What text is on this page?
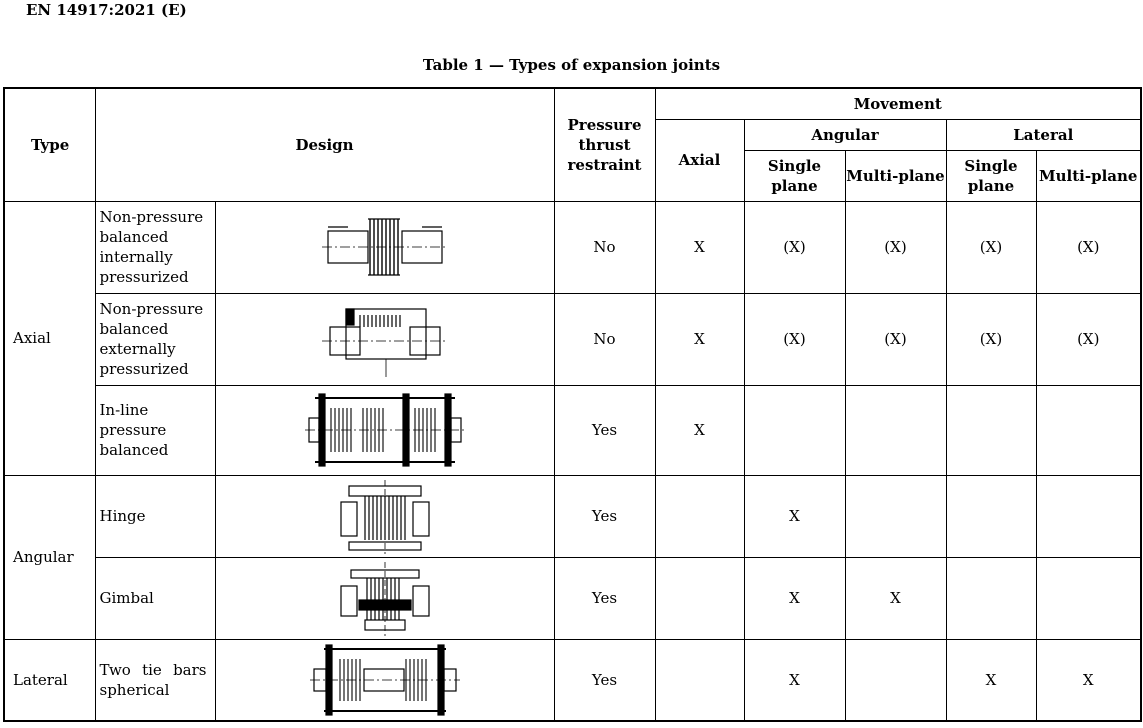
EN 14917:2021 (E)
Table 1 — Types of expansion joints
Type	Design		Pressure thrust restraint	Movement				
				Axial	Angular		Lateral	
					Single plane	Multi-plane	Single plane	Multi-plane
Axial	Non-pressure balanced internally pressurized		No	X	(X)	(X)	(X)	(X)
	Non-pressure balanced externally pressurized		No	X	(X)	(X)	(X)	(X)
	In-line pressure balanced		Yes	X				
Angular	Hinge		Yes		X			
	Gimbal		Yes		X	X		
Lateral	Two tie bars spherical		Yes		X		X	X
